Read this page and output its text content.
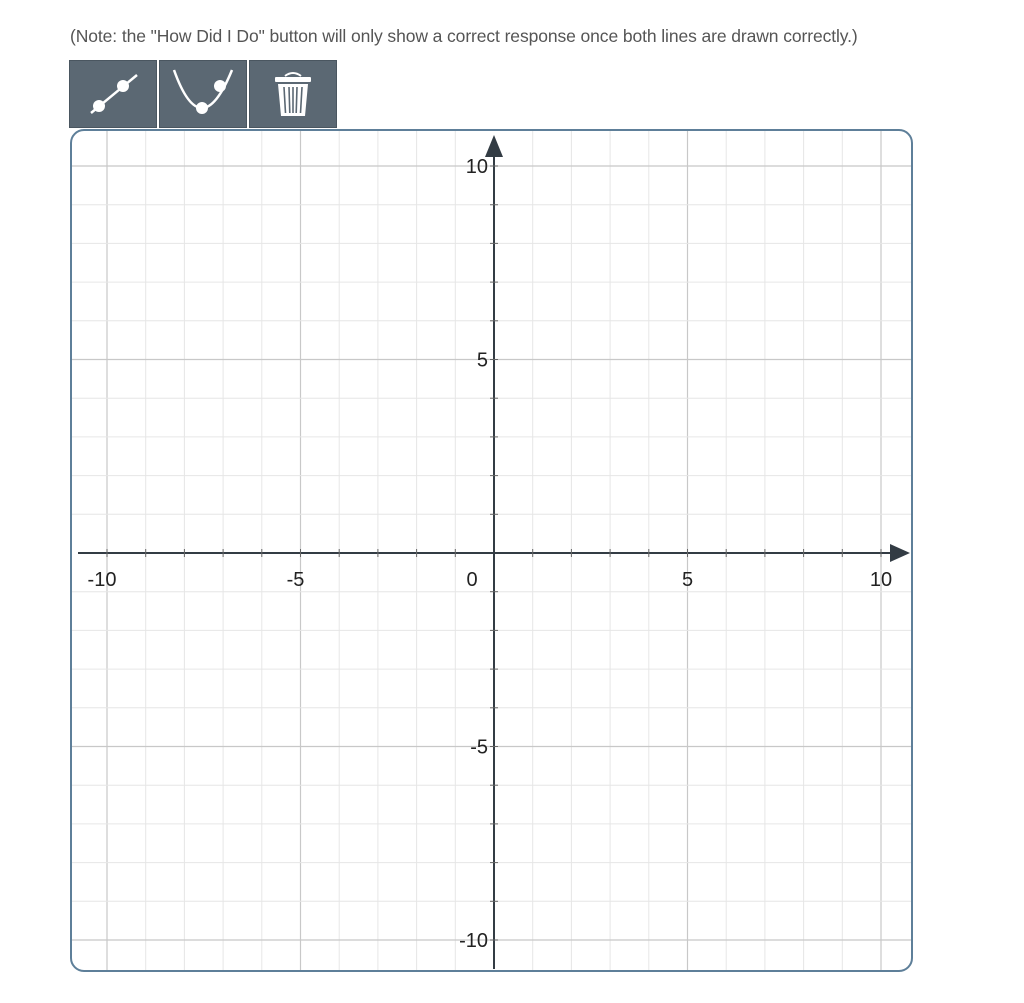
(Note: the "How Did I Do" button will only show a correct response once both lines are drawn correctly.)
-10	-5	0	5	10
10
5
-5
-10
